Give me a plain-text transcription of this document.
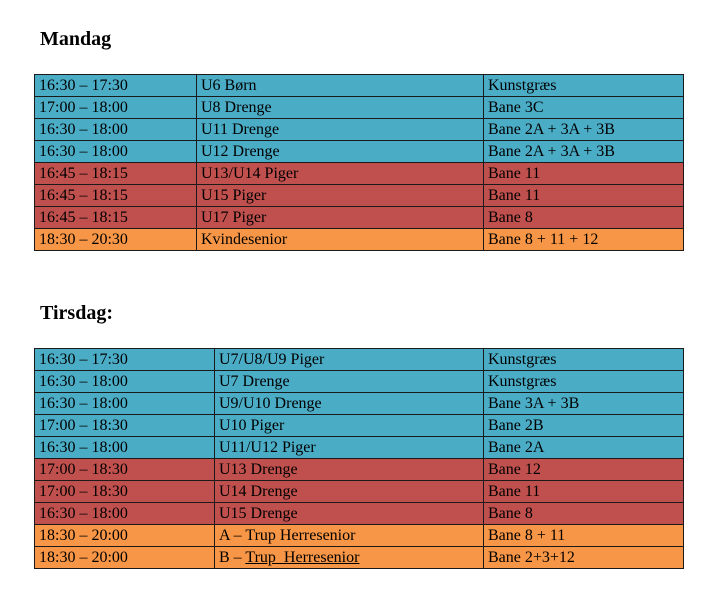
Mandag
16:30 – 17:30	U6 Børn	Kunstgræs
17:00 – 18:00	U8 Drenge	Bane 3C
16:30 – 18:00	U11 Drenge	Bane 2A + 3A + 3B
16:30 – 18:00	U12 Drenge	Bane 2A + 3A + 3B
16:45 – 18:15	U13/U14 Piger	Bane 11
16:45 – 18:15	U15 Piger	Bane 11
16:45 – 18:15	U17 Piger	Bane 8
18:30 – 20:30	Kvindesenior	Bane 8 + 11 + 12
Tirsdag:
16:30 – 17:30	U7/U8/U9 Piger	Kunstgræs
16:30 – 18:00	U7 Drenge	Kunstgræs
16:30 – 18:00	U9/U10 Drenge	Bane 3A + 3B
17:00 – 18:30	U10 Piger	Bane 2B
16:30 – 18:00	U11/U12 Piger	Bane 2A
17:00 – 18:30	U13 Drenge	Bane 12
17:00 – 18:30	U14 Drenge	Bane 11
16:30 – 18:00	U15 Drenge	Bane 8
18:30 – 20:00	A – Trup Herresenior	Bane 8 + 11
18:30 – 20:00	B – Trup  Herresenior	Bane 2+3+12
